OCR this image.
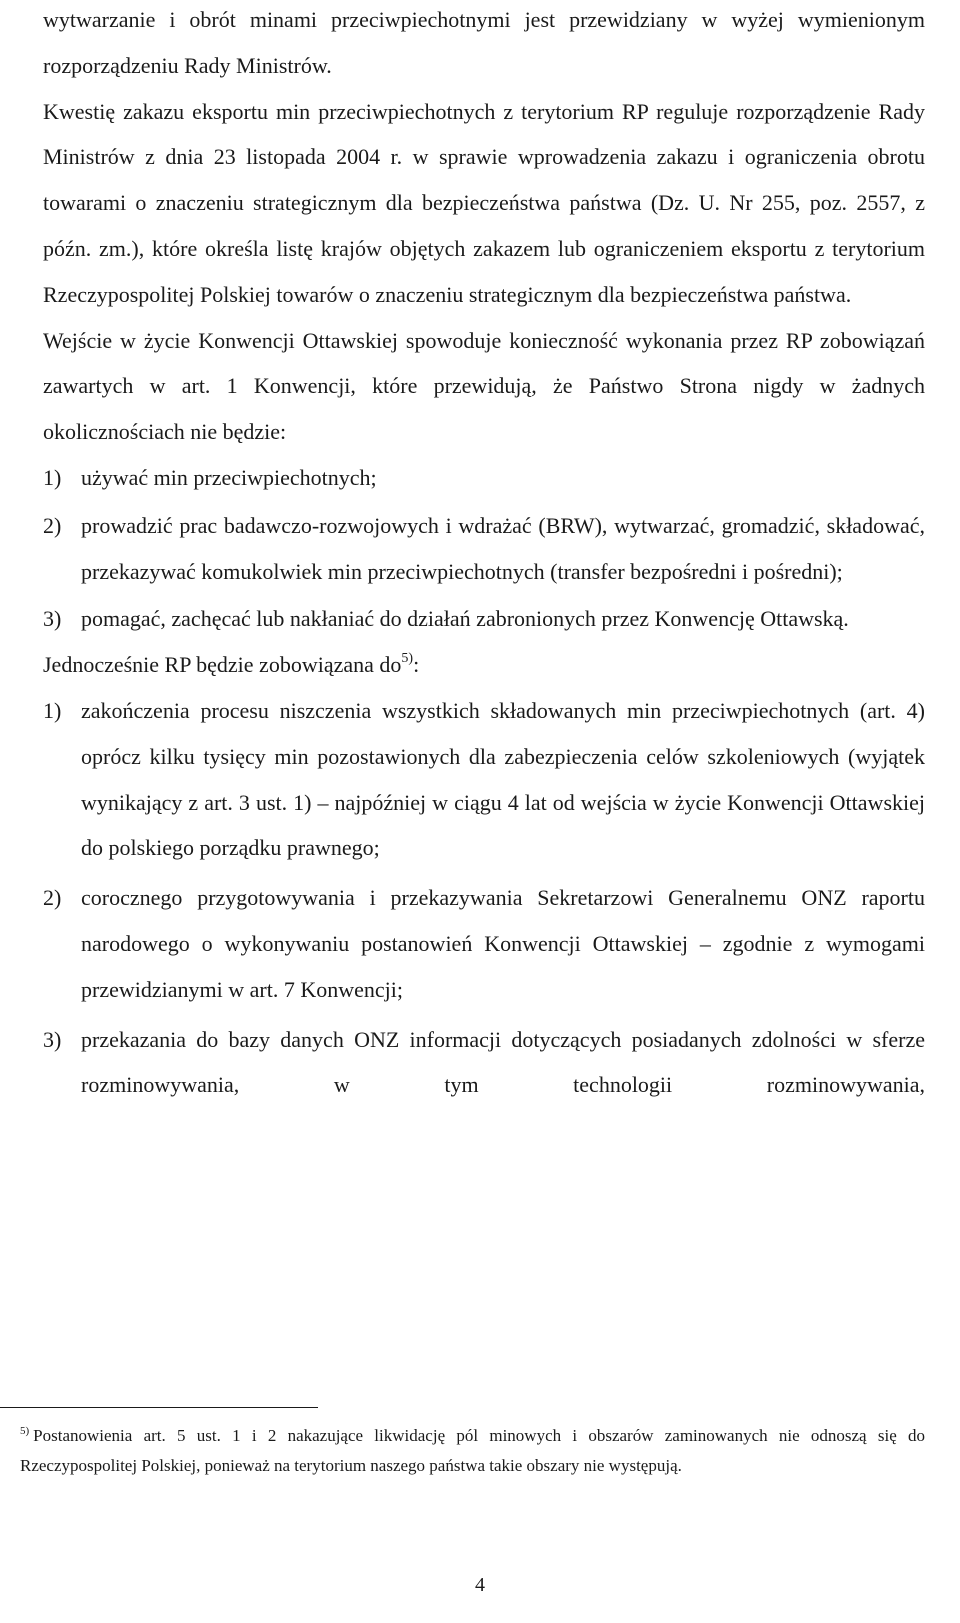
wytwarzanie i obrót minami przeciwpiechotnymi jest przewidziany w wyżej wymienionym rozporządzeniu Rady Ministrów.

Kwestię zakazu eksportu min przeciwpiechotnych z terytorium RP reguluje rozporządzenie Rady Ministrów z dnia 23 listopada 2004 r. w sprawie wprowadzenia zakazu i ograniczenia obrotu towarami o znaczeniu strategicznym dla bezpieczeństwa państwa (Dz. U. Nr 255, poz. 2557, z późn. zm.), które określa listę krajów objętych zakazem lub ograniczeniem eksportu z terytorium Rzeczypospolitej Polskiej towarów o znaczeniu strategicznym dla bezpieczeństwa państwa.

Wejście w życie Konwencji Ottawskiej spowoduje konieczność wykonania przez RP zobowiązań zawartych w art. 1 Konwencji, które przewidują, że Państwo Strona nigdy w żadnych okolicznościach nie będzie:

1) używać min przeciwpiechotnych;
2) prowadzić prac badawczo-rozwojowych i wdrażać (BRW), wytwarzać, gromadzić, składować, przekazywać komukolwiek min przeciwpiechotnych (transfer bezpośredni i pośredni);
3) pomagać, zachęcać lub nakłaniać do działań zabronionych przez Konwencję Ottawską.

Jednocześnie RP będzie zobowiązana $do^{5)}$:

1) zakończenia procesu niszczenia wszystkich składowanych min przeciwpiechotnych (art. 4) oprócz kilku tysięcy min pozostawionych dla zabezpieczenia celów szkoleniowych (wyjątek wynikający z art. 3 ust. 1) – najpóźniej w ciągu 4 lat od wejścia w życie Konwencji Ottawskiej do polskiego porządku prawnego;
2) corocznego przygotowywania i przekazywania Sekretarzowi Generalnemu ONZ raportu narodowego o wykonywaniu postanowień Konwencji Ottawskiej – zgodnie z wymogami przewidzianymi w art. 7 Konwencji;
3) przekazania do bazy danych ONZ informacji dotyczących posiadanych zdolności w sferze rozminowywania, w tym technologii rozminowywania,
$^{5)}$ Postanowienia art. 5 ust. 1 i 2 nakazujące likwidację pól minowych i obszarów zaminowanych nie odnoszą się do Rzeczypospolitej Polskiej, ponieważ na terytorium naszego państwa takie obszary nie występują.
4
